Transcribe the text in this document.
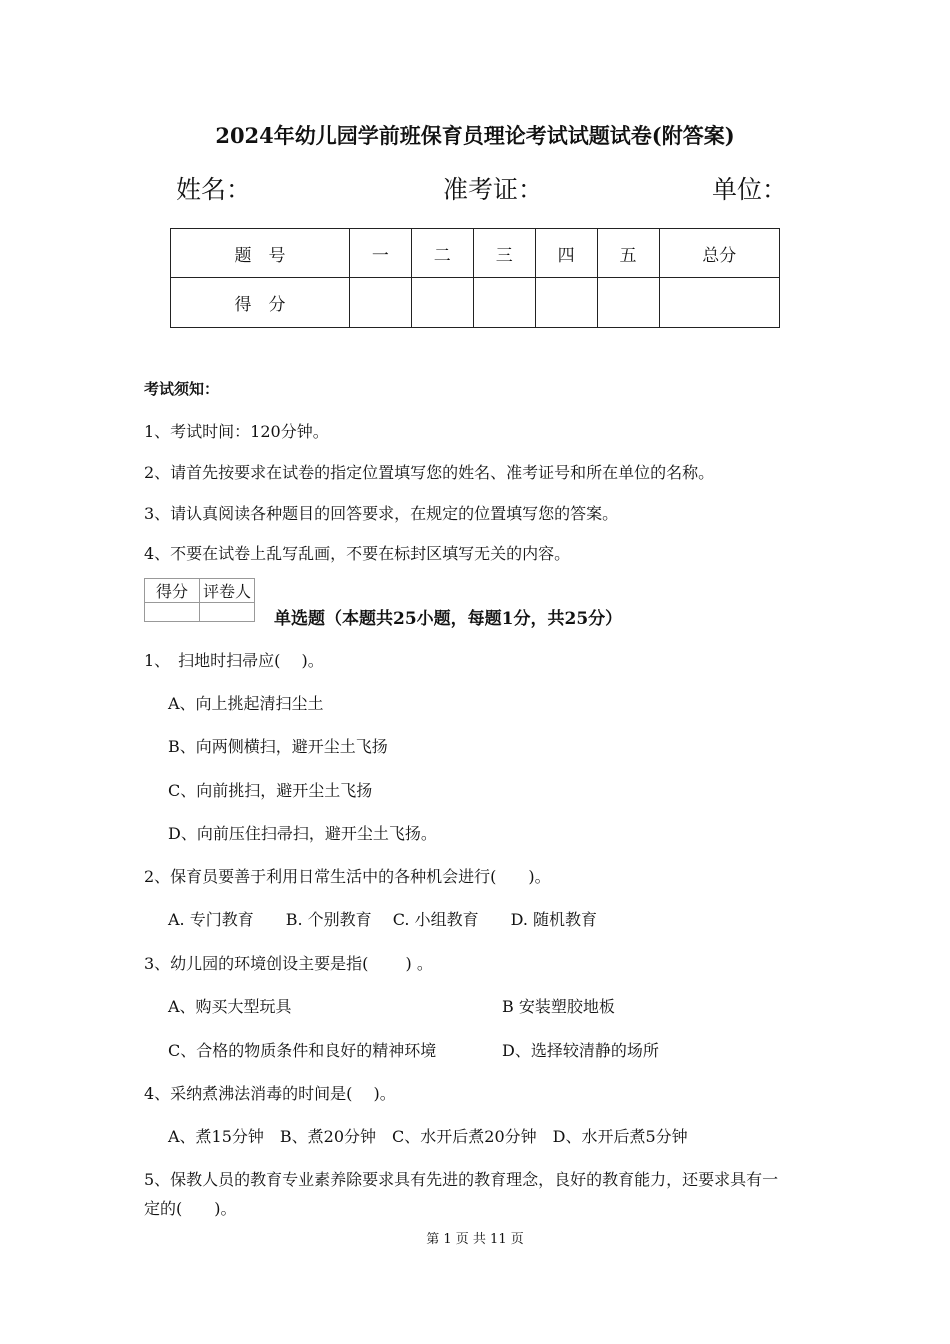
2024年幼儿园学前班保育员理论考试试题试卷(附答案)
姓名：	准考证：	单位：
题　号	一	二	三	四	五	总分
得　分						
考试须知：
1、考试时间：120分钟。
2、请首先按要求在试卷的指定位置填写您的姓名、准考证号和所在单位的名称。
3、请认真阅读各种题目的回答要求，在规定的位置填写您的答案。
4、不要在试卷上乱写乱画，不要在标封区填写无关的内容。
得分	评卷人

单选题（本题共25小题，每题1分，共25分）
1、　扫地时扫帚应(　 )。
A、向上挑起清扫尘土
B、向两侧横扫，避开尘土飞扬
C、向前挑扫，避开尘土飞扬
D、向前压住扫帚扫，避开尘土飞扬。
2、保育员要善于利用日常生活中的各种机会进行(　　)。
A. 专门教育　　B. 个别教育　 C. 小组教育　　D. 随机教育
3、幼儿园的环境创设主要是指(　　 ) 。
A、购买大型玩具	B 安装塑胶地板
C、合格的物质条件和良好的精神环境	D、选择较清静的场所
4、采纳煮沸法消毒的时间是(　 )。
A、煮15分钟　B、煮20分钟　C、水开后煮20分钟　D、水开后煮5分钟
5、保教人员的教育专业素养除要求具有先进的教育理念，良好的教育能力，还要求具有一
定的(　　)。
第 1 页 共 11 页
